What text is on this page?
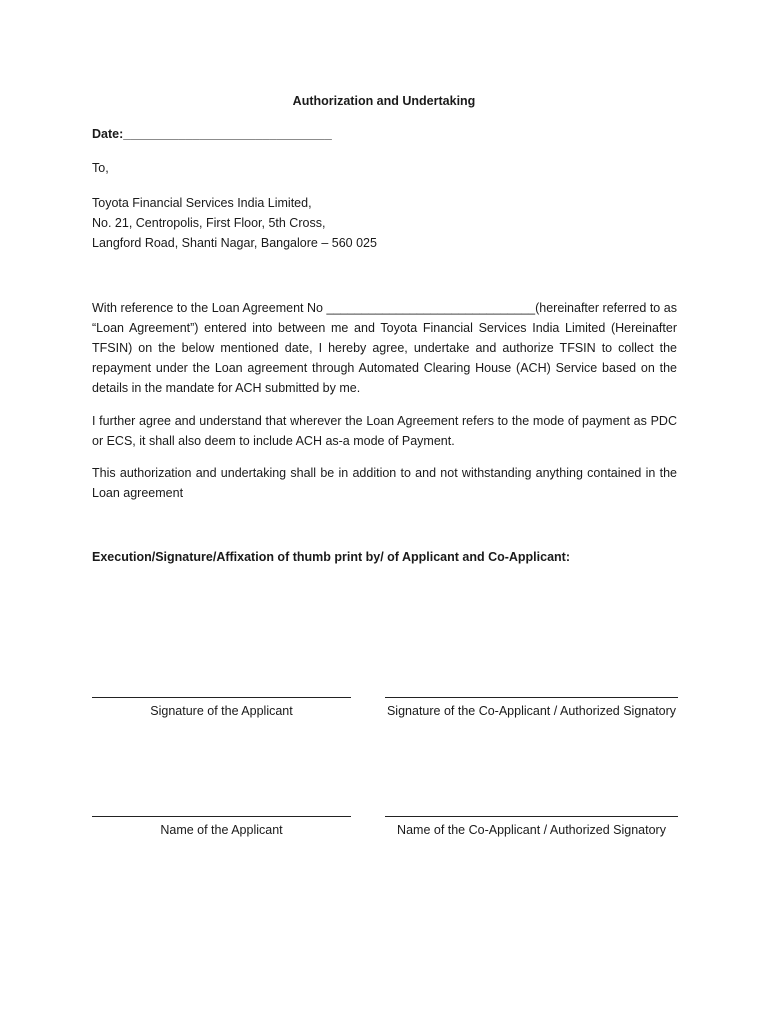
Authorization and Undertaking
Date:______________________________
To,
Toyota Financial Services India Limited,
No. 21, Centropolis, First Floor, 5th Cross,
Langford Road, Shanti Nagar, Bangalore – 560 025
With reference to the Loan Agreement No ______________________________(hereinafter referred to as “Loan Agreement”) entered into between me and Toyota Financial Services India Limited (Hereinafter TFSIN) on the below mentioned date, I hereby agree, undertake and authorize TFSIN to collect the repayment under the Loan agreement through Automated Clearing House (ACH) Service based on the details in the mandate for ACH submitted by me.
I further agree and understand that wherever the Loan Agreement refers to the mode of payment as PDC or ECS, it shall also deem to include ACH as-a mode of Payment.
This authorization and undertaking shall be in addition to and not withstanding anything contained in the Loan agreement
Execution/Signature/Affixation of thumb print by/ of Applicant and Co-Applicant:
Signature of the Applicant	Signature of the Co-Applicant / Authorized Signatory
Name of the Applicant	Name of the Co-Applicant / Authorized Signatory
